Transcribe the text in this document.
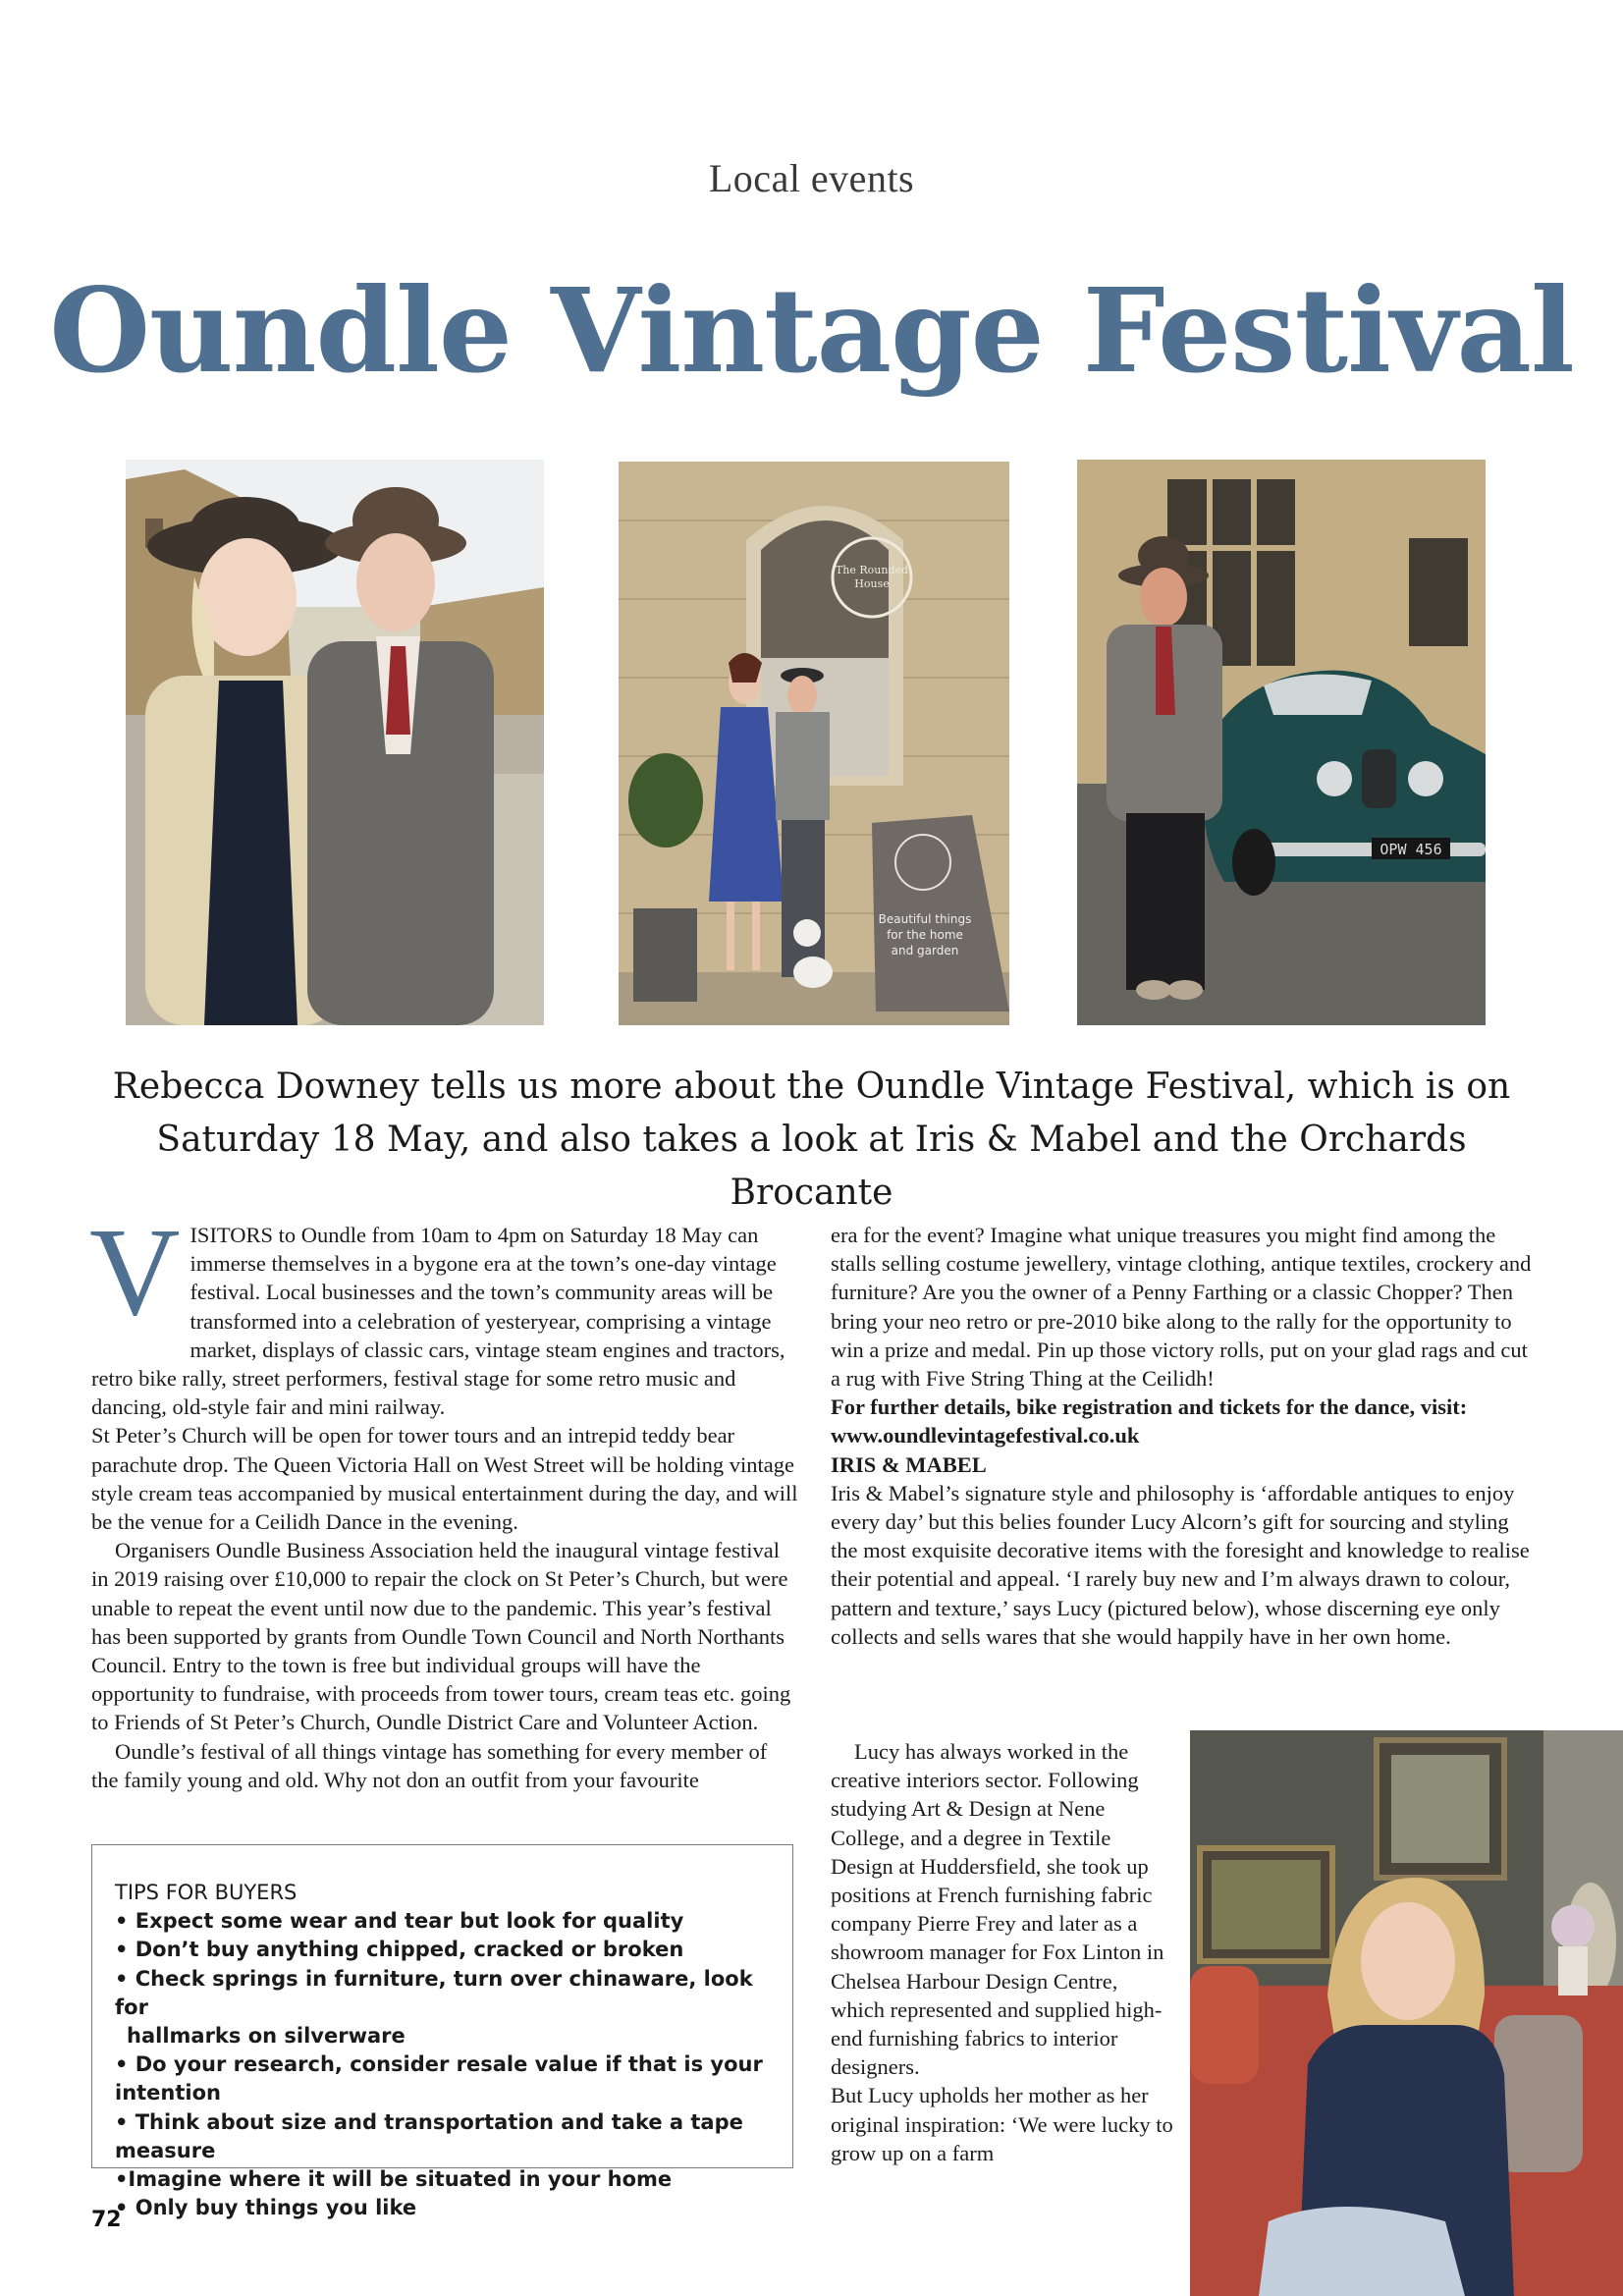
Local events
Oundle Vintage Festival
The Rounded
House
Beautiful things
for the home
and garden
OPW 456
Rebecca Downey tells us more about the Oundle Vintage Festival, which is on
Saturday 18 May, and also takes a look at Iris & Mabel and the Orchards Brocante

VISITORS to Oundle from 10am to 4pm on Saturday 18 May can immerse themselves in a bygone era at the town’s one-day vintage festival. Local businesses and the town’s community areas will be transformed into a celebration of yesteryear, comprising a vintage market, displays of classic cars, vintage steam engines and tractors, retro bike rally, street performers, festival stage for some retro music and dancing, old-style fair and mini railway.

St Peter’s Church will be open for tower tours and an intrepid teddy bear parachute drop. The Queen Victoria Hall on West Street will be holding vintage style cream teas accompanied by musical entertainment during the day, and will be the venue for a Ceilidh Dance in the evening.

Organisers Oundle Business Association held the inaugural vintage festival in 2019 raising over £10,000 to repair the clock on St Peter’s Church, but were unable to repeat the event until now due to the pandemic. This year’s festival has been supported by grants from Oundle Town Council and North Northants Council. Entry to the town is free but individual groups will have the opportunity to fundraise, with proceeds from tower tours, cream teas etc. going to Friends of St Peter’s Church, Oundle District Care and Volunteer Action.

Oundle’s festival of all things vintage has something for every member of the family young and old. Why not don an outfit from your favourite

era for the event? Imagine what unique treasures you might find among the stalls selling costume jewellery, vintage clothing, antique textiles, crockery and furniture? Are you the owner of a Penny Farthing or a classic Chopper? Then bring your neo retro or pre-2010 bike along to the rally for the opportunity to win a prize and medal. Pin up those victory rolls, put on your glad rags and cut a rug with Five String Thing at the Ceilidh!

For further details, bike registration and tickets for the dance, visit: www.oundlevintagefestival.co.uk

IRIS & MABEL

Iris & Mabel’s signature style and philosophy is ‘affordable antiques to enjoy every day’ but this belies founder Lucy Alcorn’s gift for sourcing and styling the most exquisite decorative items with the foresight and knowledge to realise their potential and appeal. ‘I rarely buy new and I’m always drawn to colour, pattern and texture,’ says Lucy (pictured below), whose discerning eye only collects and sells wares that she would happily have in her own home.

Lucy has always worked in the creative interiors sector. Following studying Art & Design at Nene College, and a degree in Textile Design at Huddersfield, she took up positions at French furnishing fabric company Pierre Frey and later as a showroom manager for Fox Linton in Chelsea Harbour Design Centre, which represented and supplied high-end furnishing fabrics to interior designers.

But Lucy upholds her mother as her original inspiration: ‘We were lucky to grow up on a farm

TIPS FOR BUYERS
• Expect some wear and tear but look for quality
• Don’t buy anything chipped, cracked or broken
• Check springs in furniture, turn over chinaware, look for
hallmarks on silverware
• Do your research, consider resale value if that is your intention
• Think about size and transportation and take a tape measure
•Imagine where it will be situated in your home
• Only buy things you like
72
